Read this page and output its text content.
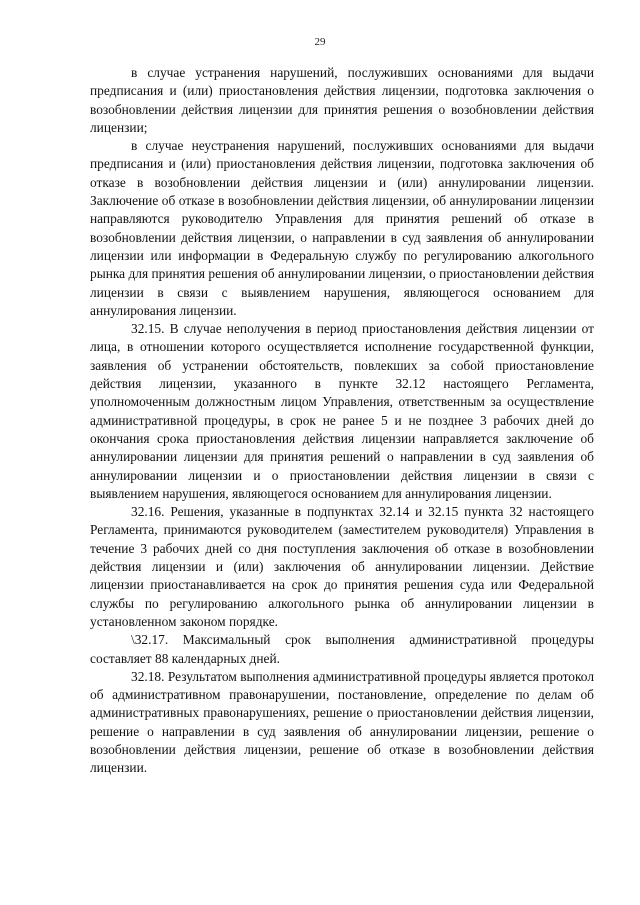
29

в случае устранения нарушений, послуживших основаниями для выдачи предписания и (или) приостановления действия лицензии, подготовка заключения о возобновлении действия лицензии для принятия решения о возобновлении действия лицензии;

в случае неустранения нарушений, послуживших основаниями для выдачи предписания и (или) приостановления действия лицензии, подготовка заключения об отказе в возобновлении действия лицензии и (или) аннулировании лицензии. Заключение об отказе в возобновлении действия лицензии, об аннулировании лицензии направляются руководителю Управления для принятия решений об отказе в возобновлении действия лицензии, о направлении в суд заявления об аннулировании лицензии или информации в Федеральную службу по регулированию алкогольного рынка для принятия решения об аннулировании лицензии, о приостановлении действия лицензии в связи с выявлением нарушения, являющегося основанием для аннулирования лицензии.

32.15. В случае неполучения в период приостановления действия лицензии от лица, в отношении которого осуществляется исполнение государственной функции, заявления об устранении обстоятельств, повлекших за собой приостановление действия лицензии, указанного в пункте 32.12 настоящего Регламента, уполномоченным должностным лицом Управления, ответственным за осуществление административной процедуры, в срок не ранее 5 и не позднее 3 рабочих дней до окончания срока приостановления действия лицензии направляется заключение об аннулировании лицензии для принятия решений о направлении в суд заявления об аннулировании лицензии и о приостановлении действия лицензии в связи с выявлением нарушения, являющегося основанием для аннулирования лицензии.

32.16. Решения, указанные в подпунктах 32.14 и 32.15 пункта 32 настоящего Регламента, принимаются руководителем (заместителем руководителя) Управления в течение 3 рабочих дней со дня поступления заключения об отказе в возобновлении действия лицензии и (или) заключения об аннулировании лицензии. Действие лицензии приостанавливается на срок до принятия решения суда или Федеральной службы по регулированию алкогольного рынка об аннулировании лицензии в установленном законом порядке.

\32.17. Максимальный срок выполнения административной процедуры составляет 88 календарных дней.

32.18. Результатом выполнения административной процедуры является протокол об административном правонарушении, постановление, определение по делам об административных правонарушениях, решение о приостановлении действия лицензии, решение о направлении в суд заявления об аннулировании лицензии, решение о возобновлении действия лицензии, решение об отказе в возобновлении действия лицензии.
